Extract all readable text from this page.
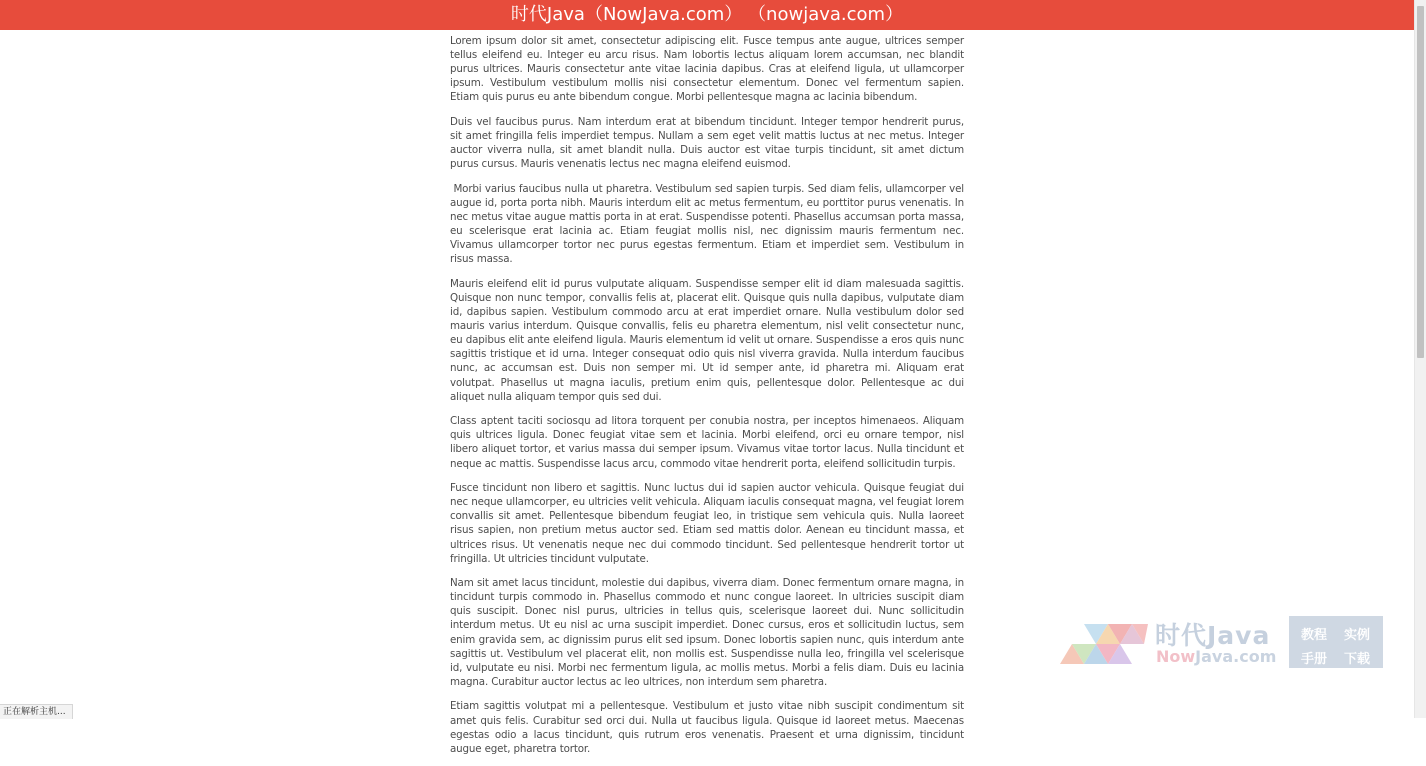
时代Java（NowJava.com） （nowjava.com）

Lorem ipsum dolor sit amet, consectetur adipiscing elit. Fusce tempus ante augue, ultrices semper tellus eleifend eu. Integer eu arcu risus. Nam lobortis lectus aliquam lorem accumsan, nec blandit purus ultrices. Mauris consectetur ante vitae lacinia dapibus. Cras at eleifend ligula, ut ullamcorper ipsum. Vestibulum vestibulum mollis nisi consectetur elementum. Donec vel fermentum sapien. Etiam quis purus eu ante bibendum congue. Morbi pellentesque magna ac lacinia bibendum.

Duis vel faucibus purus. Nam interdum erat at bibendum tincidunt. Integer tempor hendrerit purus, sit amet fringilla felis imperdiet tempus. Nullam a sem eget velit mattis luctus at nec metus. Integer auctor viverra nulla, sit amet blandit nulla. Duis auctor est vitae turpis tincidunt, sit amet dictum purus cursus. Mauris venenatis lectus nec magna eleifend euismod.

Morbi varius faucibus nulla ut pharetra. Vestibulum sed sapien turpis. Sed diam felis, ullamcorper vel augue id, porta porta nibh. Mauris interdum elit ac metus fermentum, eu porttitor purus venenatis. In nec metus vitae augue mattis porta in at erat. Suspendisse potenti. Phasellus accumsan porta massa, eu scelerisque erat lacinia ac. Etiam feugiat mollis nisl, nec dignissim mauris fermentum nec. Vivamus ullamcorper tortor nec purus egestas fermentum. Etiam et imperdiet sem. Vestibulum in risus massa.

Mauris eleifend elit id purus vulputate aliquam. Suspendisse semper elit id diam malesuada sagittis. Quisque non nunc tempor, convallis felis at, placerat elit. Quisque quis nulla dapibus, vulputate diam id, dapibus sapien. Vestibulum commodo arcu at erat imperdiet ornare. Nulla vestibulum dolor sed mauris varius interdum. Quisque convallis, felis eu pharetra elementum, nisl velit consectetur nunc, eu dapibus elit ante eleifend ligula. Mauris elementum id velit ut ornare. Suspendisse a eros quis nunc sagittis tristique et id urna. Integer consequat odio quis nisl viverra gravida. Nulla interdum faucibus nunc, ac accumsan est. Duis non semper mi. Ut id semper ante, id pharetra mi. Aliquam erat volutpat. Phasellus ut magna iaculis, pretium enim quis, pellentesque dolor. Pellentesque ac dui aliquet nulla aliquam tempor quis sed dui.

Class aptent taciti sociosqu ad litora torquent per conubia nostra, per inceptos himenaeos. Aliquam quis ultrices ligula. Donec feugiat vitae sem et lacinia. Morbi eleifend, orci eu ornare tempor, nisl libero aliquet tortor, et varius massa dui semper ipsum. Vivamus vitae tortor lacus. Nulla tincidunt et neque ac mattis. Suspendisse lacus arcu, commodo vitae hendrerit porta, eleifend sollicitudin turpis.

Fusce tincidunt non libero et sagittis. Nunc luctus dui id sapien auctor vehicula. Quisque feugiat dui nec neque ullamcorper, eu ultricies velit vehicula. Aliquam iaculis consequat magna, vel feugiat lorem convallis sit amet. Pellentesque bibendum feugiat leo, in tristique sem vehicula quis. Nulla laoreet risus sapien, non pretium metus auctor sed. Etiam sed mattis dolor. Aenean eu tincidunt massa, et ultrices risus. Ut venenatis neque nec dui commodo tincidunt. Sed pellentesque hendrerit tortor ut fringilla. Ut ultricies tincidunt vulputate.

Nam sit amet lacus tincidunt, molestie dui dapibus, viverra diam. Donec fermentum ornare magna, in tincidunt turpis commodo in. Phasellus commodo et nunc congue laoreet. In ultricies suscipit diam quis suscipit. Donec nisl purus, ultricies in tellus quis, scelerisque laoreet dui. Nunc sollicitudin interdum metus. Ut eu nisl ac urna suscipit imperdiet. Donec cursus, eros et sollicitudin luctus, sem enim gravida sem, ac dignissim purus elit sed ipsum. Donec lobortis sapien nunc, quis interdum ante sagittis ut. Vestibulum vel placerat elit, non mollis est. Suspendisse nulla leo, fringilla vel scelerisque id, vulputate eu nisi. Morbi nec fermentum ligula, ac mollis metus. Morbi a felis diam. Duis eu lacinia magna. Curabitur auctor lectus ac leo ultrices, non interdum sem pharetra.

Etiam sagittis volutpat mi a pellentesque. Vestibulum et justo vitae nibh suscipit condimentum sit amet quis felis. Curabitur sed orci dui. Nulla ut faucibus ligula. Quisque id laoreet metus. Maecenas egestas odio a lacus tincidunt, quis rutrum eros venenatis. Praesent et urna dignissim, tincidunt augue eget, pharetra tortor.

时代Java
NowJava.com
教程 实例
手册 下载
正在解析主机...
